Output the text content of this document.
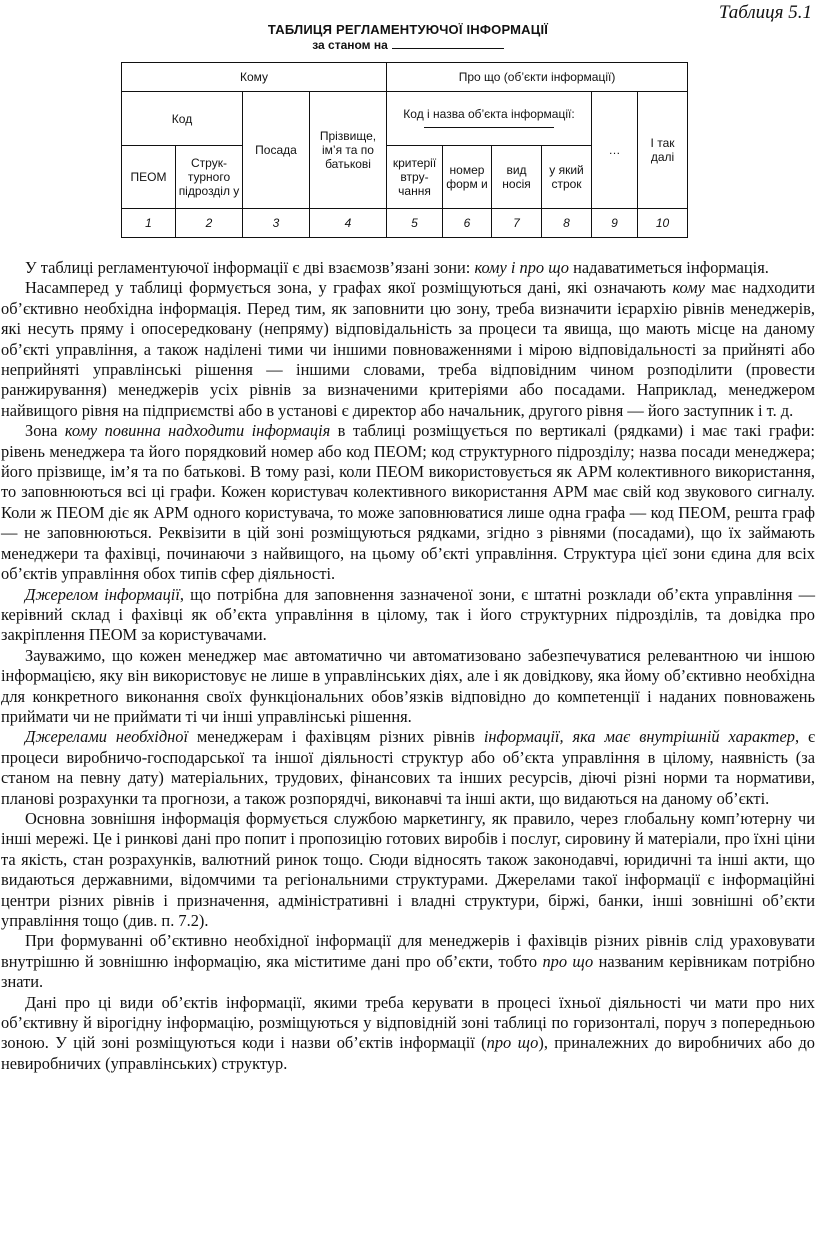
Таблиця 5.1
ТАБЛИЦЯ РЕГЛАМЕНТУЮЧОЇ ІНФОРМАЦІЇ
за станом на
Кому				Про що (об’єкти інформації)					
Код		Посада	Прізвище, ім’я та по батькові	Код і назва об’єкта інформації:				…	І так далі
ПЕОМ	Струк-турного підрозділ у			критерії втру-чання	номер форм и	вид носія	у який строк		
1	2	3	4	5	6	7	8	9	10

У таблиці регламентуючої інформації є дві взаємозв’язані зони: кому і про що надаватиметься інформація.

Насамперед у таблиці формується зона, у графах якої розміщуються дані, які означають кому має надходити об’єктивно необхідна інформація. Перед тим, як заповнити цю зону, треба визначити ієрархію рівнів менеджерів, які несуть пряму і опосередковану (непряму) відповідальність за процеси та явища, що мають місце на даному об’єкті управління, а також наділені тими чи іншими повноваженнями і мірою відповідальності за прийняті або неприйняті управлінські рішення — іншими словами, треба відповідним чином розподілити (провести ранжирування) менеджерів усіх рівнів за визначеними критеріями або посадами. Наприклад, менеджером найвищого рівня на підприємстві або в установі є директор або начальник, другого рівня — його заступник і т. д.

Зона кому повинна надходити інформація в таблиці розміщується по вертикалі (рядками) і має такі графи: рівень менеджера та його порядковий номер або код ПЕОМ; код структурного підрозділу; назва посади менеджера; його прізвище, ім’я та по батькові. В тому разі, коли ПЕОМ використовується як АРМ колективного використання, то заповнюються всі ці графи. Кожен користувач колективного використання АРМ має свій код звукового сигналу. Коли ж ПЕОМ діє як АРМ одного користувача, то може заповнюватися лише одна графа — код ПЕОМ, решта граф — не заповнюються. Реквізити в цій зоні розміщуються рядками, згідно з рівнями (посадами), що їх займають менеджери та фахівці, починаючи з найвищого, на цьому об’єкті управління. Структура цієї зони єдина для всіх об’єктів управління обох типів сфер діяльності.

Джерелом інформації, що потрібна для заповнення зазначеної зони, є штатні розклади об’єкта управління — керівний склад і фахівці як об’єкта управління в цілому, так і його структурних підрозділів, та довідка про закріплення ПЕОМ за користувачами.

Зауважимо, що кожен менеджер має автоматично чи автоматизовано забезпечуватися релевантною чи іншою інформацією, яку він використовує не лише в управлінських діях, але і як довідкову, яка йому об’єктивно необхідна для конкретного виконання своїх функціональних обов’язків відповідно до компетенції і наданих повноважень приймати чи не приймати ті чи інші управлінські рішення.

Джерелами необхідної менеджерам і фахівцям різних рівнів інформації, яка має внутрішній характер, є процеси виробничо-господарської та іншої діяльності структур або об’єкта управління в цілому, наявність (за станом на певну дату) матеріальних, трудових, фінансових та інших ресурсів, діючі різні норми та нормативи, планові розрахунки та прогнози, а також розпорядчі, виконавчі та інші акти, що видаються на даному об’єкті.

Основна зовнішня інформація формується службою маркетингу, як правило, через глобальну комп’ютерну чи інші мережі. Це і ринкові дані про попит і пропозицію готових виробів і послуг, сировину й матеріали, про їхні ціни та якість, стан розрахунків, валютний ринок тощо. Сюди відносять також законодавчі, юридичні та інші акти, що видаються державними, відомчими та регіональними структурами. Джерелами такої інформації є інформаційні центри різних рівнів і призначення, адміністративні і владні структури, біржі, банки, інші зовнішні об’єкти управління тощо (див. п. 7.2).

При формуванні об’єктивно необхідної інформації для менеджерів і фахівців різних рівнів слід ураховувати внутрішню й зовнішню інформацію, яка міститиме дані про об’єкти, тобто про що названим керівникам потрібно знати.

Дані про ці види об’єктів інформації, якими треба керувати в процесі їхньої діяльності чи мати про них об’єктивну й вірогідну інформацію, розміщуються у відповідній зоні таблиці по горизонталі, поруч з попередньою зоною. У цій зоні розміщуються коди і назви об’єктів інформації (про що), приналежних до виробничих або до невиробничих (управлінських) структур.
